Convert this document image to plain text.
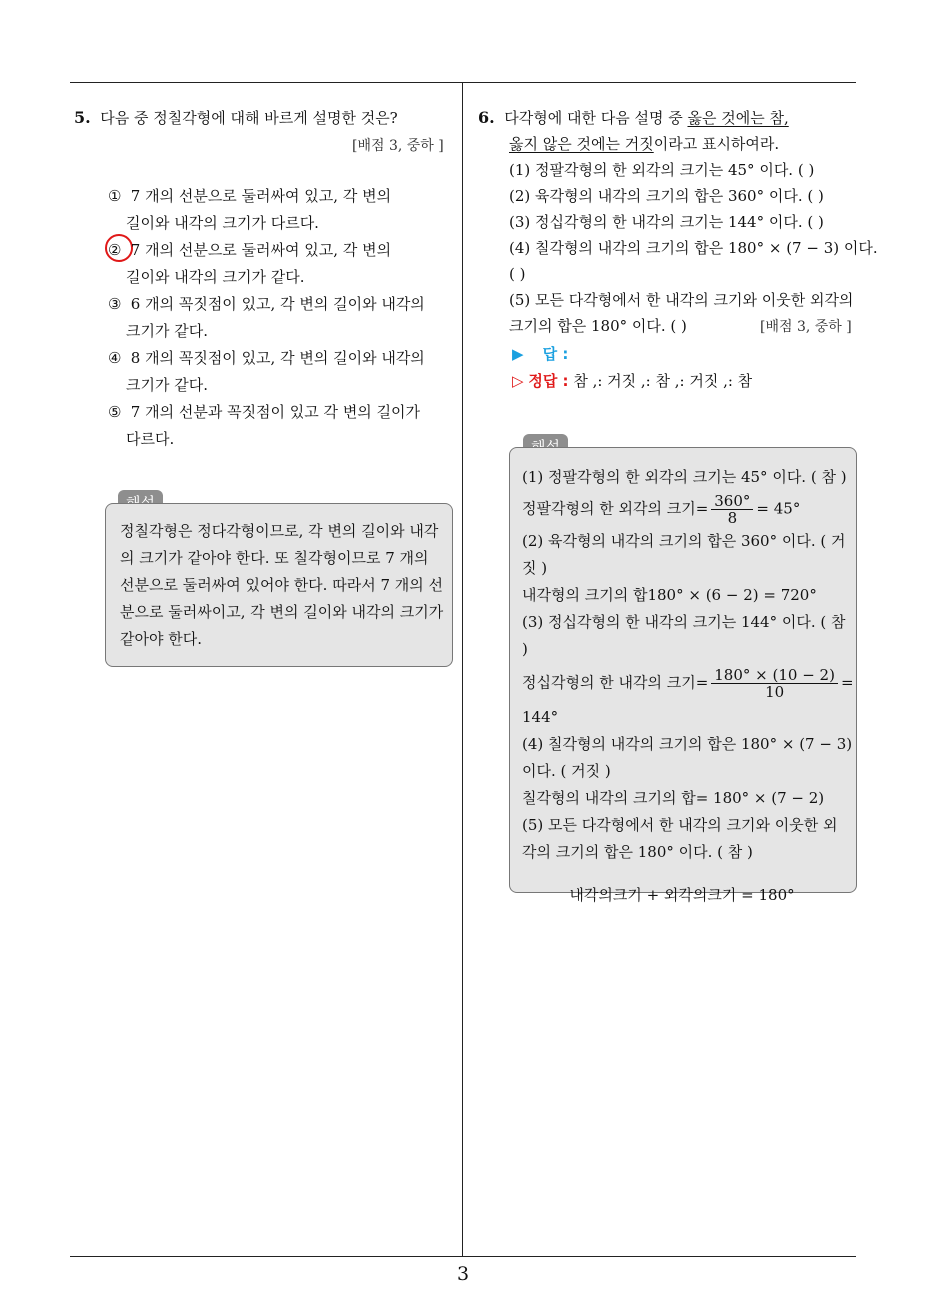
3
5. 다음 중 정칠각형에 대해 바르게 설명한 것은?
[배점 3, 중하 ]
① 7 개의 선분으로 둘러싸여 있고, 각 변의
길이와 내각의 크기가 다르다.
② 7 개의 선분으로 둘러싸여 있고, 각 변의
길이와 내각의 크기가 같다.
③ 6 개의 꼭짓점이 있고, 각 변의 길이와 내각의
크기가 같다.
④ 8 개의 꼭짓점이 있고, 각 변의 길이와 내각의
크기가 같다.
⑤ 7 개의 선분과 꼭짓점이 있고 각 변의 길이가
다르다.
정칠각형은 정다각형이므로, 각 변의 길이와 내각
의 크기가 같아야 한다. 또 칠각형이므로 7 개의
선분으로 둘러싸여 있어야 한다. 따라서 7 개의 선
분으로 둘러싸이고, 각 변의 길이와 내각의 크기가
같아야 한다.
6. 다각형에 대한 다음 설명 중 옳은 것에는 참,
옳지 않은 것에는 거짓이라고 표시하여라.
(1) 정팔각형의 한 외각의 크기는 45° 이다. ( )
(2) 육각형의 내각의 크기의 합은 360° 이다. ( )
(3) 정십각형의 한 내각의 크기는 144° 이다. ( )
(4) 칠각형의 내각의 크기의 합은 180° × (7 − 3) 이다.
( )
(5) 모든 다각형에서 한 내각의 크기와 이웃한 외각의
크기의 합은 180° 이다. ( )	[배점 3, 중하 ]
▶ 답 :
▷ 정답 : 참 ,: 거짓 ,: 참 ,: 거짓 ,: 참
(1) 정팔각형의 한 외각의 크기는 45° 이다. ( 참 )
정팔각형의 한 외각의 크기= $\frac{360^\circ}{8} = 45^\circ$
(2) 육각형의 내각의 크기의 합은 360° 이다. ( 거
짓 )
내각형의 크기의 합180° × (6 − 2) = 720°
(3) 정십각형의 한 내각의 크기는 144° 이다. ( 참
)
정십각형의 한 내각의 크기= $\frac{180^\circ \times (10 - 2)}{10}$ =
144°
(4) 칠각형의 내각의 크기의 합은 180° × (7 − 3)
이다. ( 거짓 )
칠각형의 내각의 크기의 합= 180° × (7 − 2)
(5) 모든 다각형에서 한 내각의 크기와 이웃한 외
각의 크기의 합은 180° 이다. ( 참 )
내각의크기 + 외각의크기 = 180°
